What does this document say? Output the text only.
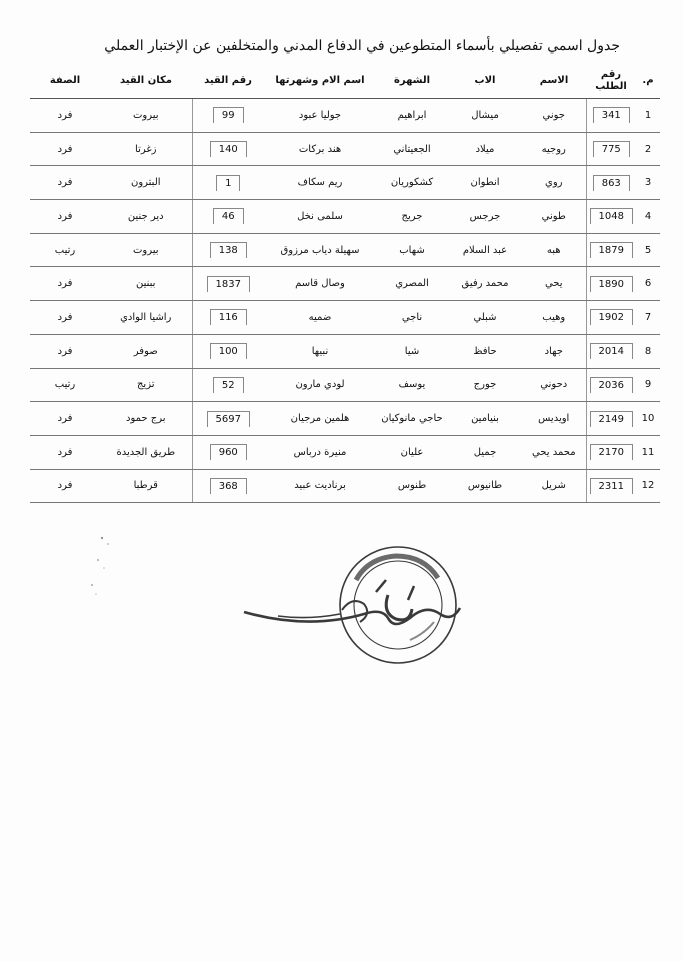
جدول اسمي تفصيلي بأسماء المتطوعين في الدفاع المدني والمتخلفين عن الإختبار العملي
م.	رقم الطلب	الاسم	الاب	الشهرة	اسم الام وشهرتها	رقم القيد	مكان القيد	الصفة
1	341	جوني	ميشال	ابراهيم	جوليا عبود	99	بيروت	فرد
2	775	روجيه	ميلاد	الجعيتاني	هند بركات	140	زغرتا	فرد
3	863	روي	انطوان	كشكوريان	ريم سكاف	1	البترون	فرد
4	1048	طوني	جرجس	جريج	سلمى نخل	46	دير جنين	فرد
5	1879	هبه	عبد السلام	شهاب	سهيلة دياب مرزوق	138	بيروت	رتيب
6	1890	يحي	محمد رفيق	المصري	وصال قاسم	1837	ببنين	فرد
7	1902	وهيب	شبلي	ناجي	ضميه	116	راشيا الوادي	فرد
8	2014	جهاد	حافظ	شيا	نبيها	100	صوفر	فرد
9	2036	دحوني	جورج	يوسف	لودي مارون	52	تزيج	رتيب
10	2149	اويديس	بنيامين	حاجي مانوكيان	هلمين مرجيان	5697	برج حمود	فرد
11	2170	محمد يحي	جميل	عليان	منيرة درباس	960	طريق الجديدة	فرد
12	2311	شريل	طانيوس	طنوس	برناديت عبيد	368	قرطبا	فرد
